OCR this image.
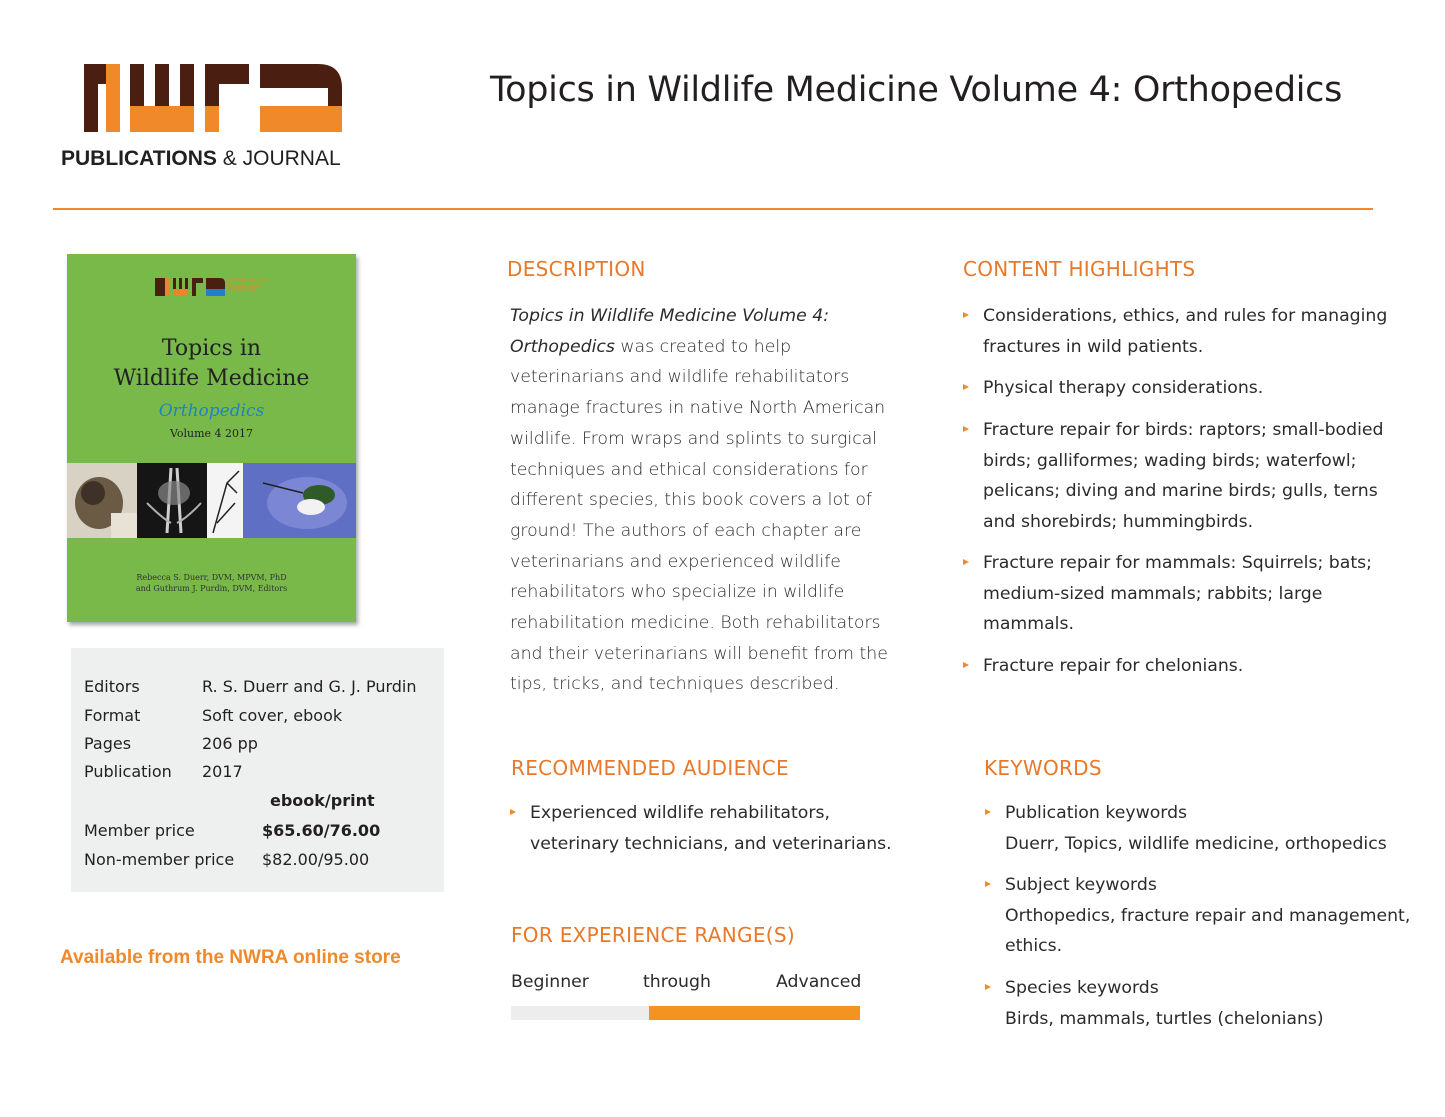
PUBLICATIONS & JOURNAL
Topics in Wildlife Medicine Volume 4: Orthopedics
NATIONAL WILDLIFE REHABILITATORS ASSOCIATION
Topics in
Wildlife Medicine
Orthopedics
Volume 4 2017
Rebecca S. Duerr, DVM, MPVM, PhD
and Guthrum J. Purdin, DVM, Editors
Editors	R. S. Duerr and G. J. Purdin
Format	Soft cover, ebook
Pages	206 pp
Publication 2017
ebook/print
Member price	$65.60/76.00
Non-member price $82.00/95.00
Available from the NWRA online store
DESCRIPTION
Topics in Wildlife Medicine Volume 4:
Orthopedics was created to help
veterinarians and wildlife rehabilitators
manage fractures in native North American
wildlife. From wraps and splints to surgical
techniques and ethical considerations for
different species, this book covers a lot of
ground! The authors of each chapter are
veterinarians and experienced wildlife
rehabilitators who specialize in wildlife
rehabilitation medicine. Both rehabilitators
and their veterinarians will benefit from the
tips, tricks, and techniques described.
CONTENT HIGHLIGHTS
Considerations, ethics, and rules for managing
fractures in wild patients.
Physical therapy considerations.
Fracture repair for birds: raptors; small-bodied
birds; galliformes; wading birds; waterfowl;
pelicans; diving and marine birds; gulls, terns
and shorebirds; hummingbirds.
Fracture repair for mammals: Squirrels; bats;
medium-sized mammals; rabbits; large
mammals.
Fracture repair for chelonians.
RECOMMENDED AUDIENCE
Experienced wildlife rehabilitators,
veterinary technicians, and veterinarians.
FOR EXPERIENCE RANGE(S)
Beginner	through	Advanced
KEYWORDS
Publication keywords
Duerr, Topics, wildlife medicine, orthopedics
Subject keywords
Orthopedics, fracture repair and management,
ethics.
Species keywords
Birds, mammals, turtles (chelonians)
